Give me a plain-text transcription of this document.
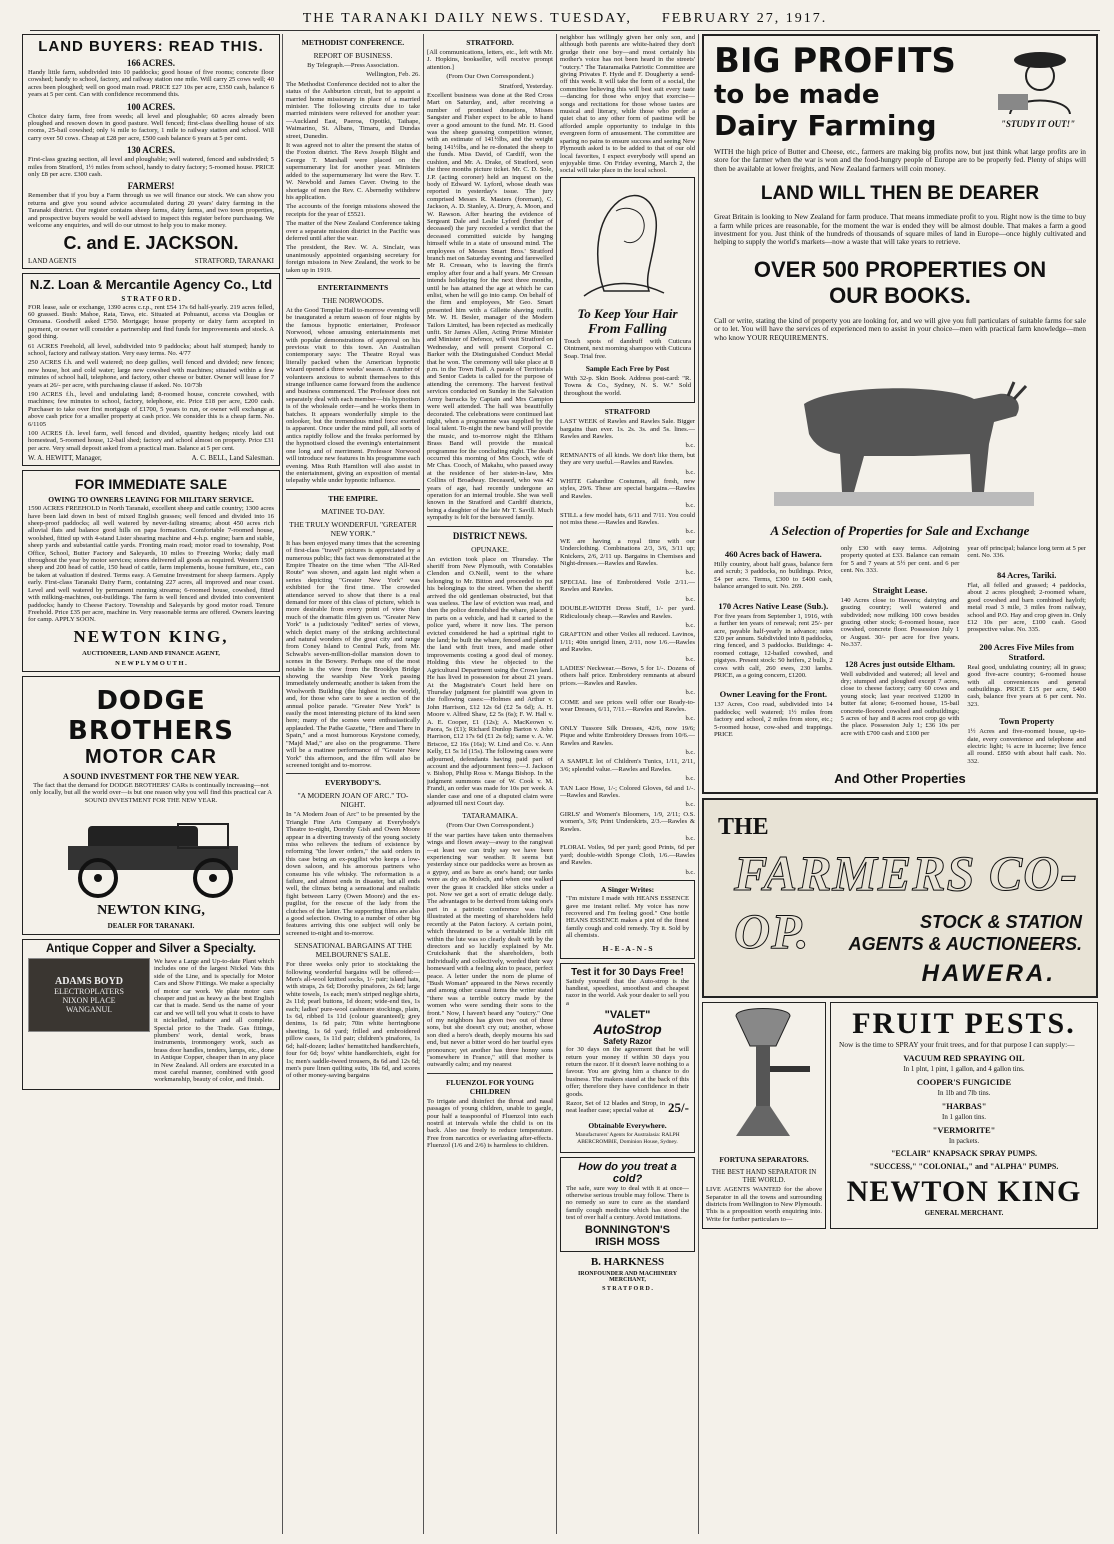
THE TARANAKI DAILY NEWS. TUESDAY, FEBRUARY 27, 1917.
LAND BUYERS: READ THIS.
166 ACRES.

Handy little farm, subdivided into 10 paddocks; good house of five rooms; concrete floor cowshed; handy to school, factory, and railway station one mile. Will carry 25 cows well; 40 acres been ploughed; well on good main road. PRICE £27 10s per acre, £350 cash, balance 6 years at 5 per cent. Can with confidence recommend this.

100 ACRES.

Choice dairy farm, free from weeds; all level and ploughable; 60 acres already been ploughed and resown down in good pasture. Well fenced; first-class dwelling house of six rooms, 25-bail cowshed; only ¼ mile to factory, 1 mile to railway station and school. Will carry over 50 cows. Cheap at £28 per acre, £500 cash balance 6 years at 5 per cent.

130 ACRES.

First-class grazing section, all level and ploughable; well watered, fenced and subdivided; 5 miles from Stratford, 1½ miles from school, handy to dairy factory; 5-roomed house. PRICE only £8 per acre. £300 cash.

FARMERS!

Remember that if you buy a Farm through us we will finance our stock. We can show you returns and give you sound advice accumulated during 20 years' dairy farming in the Taranaki district. Our register contains sheep farms, dairy farms, and two town properties, and prospective buyers would be well advised to inspect this register before purchasing. We welcome any enquiries, and will do our utmost to help you to make money.

C. and E. JACKSON.
LAND AGENTS	STRATFORD, TARANAKI
N.Z. Loan & Mercantile Agency Co., Ltd
S T R A T F O R D .

FOR lease, sale or exchange, 1390 acres c.r.p., rent £54 17s 6d half-yearly. 219 acres felled, 60 grassed. Bush: Mahoe, Rata, Tawa, etc. Situated at Pohuanui, access via Douglas or Omoana. Goodwill asked £750. Mortgage; house property or dairy farm accepted in payment, or owner will consider a partnership and find funds for improvements and stock. A good thing.

61 ACRES Freehold, all level, subdivided into 9 paddocks; about half stumped; handy to school, factory and railway station. Very easy terms. No. 4/77

250 ACRES f.h. and well watered; no deep gullies, well fenced and divided; new fences; new house, hot and cold water; large new cowshed with machines; situated within a few minutes of school hall, telephone, and factory, other cheese or butter. Owner will lease for 7 years at 26/- per acre, with purchasing clause if asked. No. 10/73b

190 ACRES f.h., level and undulating land; 8-roomed house, concrete cowshed, with machines; few minutes to school, factory, telephone, etc. Price £18 per acre, £200 cash. Purchaser to take over first mortgage of £1700, 5 years to run, or owner will exchange at above cash price for a smaller property at cash price. We consider this is a cheap farm. No. 6/1105

100 ACRES f.h. level farm, well fenced and divided, quantity hedges; nicely laid out homestead, 5-roomed house, 12-bail shed; factory and school almost on property. Price £31 per acre. Very small deposit asked from a practical man. Balance at 5 per cent.

W. A. HEWITT, Manager,	A. C. BELL, Land Salesman.
FOR IMMEDIATE SALE
OWING TO OWNERS LEAVING FOR MILITARY SERVICE.

1590 ACRES FREEHOLD in North Taranaki, excellent sheep and cattle country; 1300 acres have been laid down in best of mixed English grasses; well fenced and divided into 16 sheep-proof paddocks; all well watered by never-failing streams; about 450 acres rich alluvial flats and balance good hills on papa formation. Comfortable 7-roomed house, woolshed, fitted up with 4-stand Lister shearing machine and 4-h.p. engine; barn and stable, sheep yards and substantial cattle yards. Fronting main road; motor road to township, Post Office, School, Butter Factory and Saleyards, 10 miles to Freezing Works; daily mail throughout the year by motor services; stores delivered all goods as required. Western 1500 sheep and 200 head of cattle, 150 head of cattle, farm implements, house furniture, etc., can be taken at valuation if desired. Terms easy. A Genuine Investment for sheep farmers. Apply early. First-class Taranaki Dairy Farm, containing 227 acres, all improved and near coast. Level and well watered by permanent running streams; 6-roomed house, cowshed, fitted with milking-machines, out-buildings. The farm is well fenced and divided into convenient paddocks; handy to Cheese Factory. Township and Saleyards by good motor road. Tenure Freehold. Price £35 per acre, machine in. Very reasonable terms are offered. Owners leaving for camp. APPLY SOON.

NEWTON KING,
AUCTIONEER, LAND AND FINANCE AGENT,
N E W P L Y M O U T H .
DODGE BROTHERS
MOTOR CAR
A SOUND INVESTMENT FOR THE NEW YEAR.

The fact that the demand for DODGE BROTHERS' CARs is continually increasing—not only locally, but all the world over—is but one reason why you will find this practical car A SOUND INVESTMENT FOR THE NEW YEAR.

NEWTON KING,
DEALER FOR TARANAKI.
Antique Copper and Silver a Specialty.
ADAMS BOYD
ELECTROPLATERS
NIXON PLACE
WANGANUI.

We have a Large and Up-to-date Plant which includes one of the largest Nickel Vats this side of the Line, and is specially for Motor Cars and Show Fittings. We make a specialty of motor car work. We plate motor cars cheaper and just as heavy as the best English car that is made. Send us the name of your car and we will tell you what it costs to have it nickelled, radiator and all complete. Special price to the Trade. Gas fittings, plumbers' work, dental work, brass instruments, ironmongery work, such as brass door handles, tenders, lamps, etc., done in Antique Copper, cheaper than in any place in New Zealand. All orders are executed in a most careful manner, combined with good workmanship, beauty of color, and finish.

METHODIST CONFERENCE.
REPORT OF BUSINESS.

By Telegraph.—Press Association.

Wellington, Feb. 26.

The Methodist Conference decided not to alter the status of the Ashburton circuit, but to appoint a married home missionary in place of a married minister. The following circuits due to take married ministers were relieved for another year:—Auckland East, Paeroa, Opotiki, Taihape, Waimarino, St. Albans, Timaru, and Dundas street, Dunedin.

It was agreed not to alter the present the status of the Foxton district. The Revs Joseph Blight and George T. Marshall were placed on the supernumerary list for another year. Ministers added to the supernumerary list were the Rev. T. W. Newbold and James Caver. Owing to the shortage of men the Rev. C. Abernethy withdrew his application.

The accounts of the foreign missions showed the receipts for the year of £5521.

The matter of the New Zealand Conference taking over a separate mission district in the Pacific was deferred until after the war.

The president, the Rev. W. A. Sinclair, was unanimously appointed organising secretary for foreign missions in New Zealand, the work to be taken up in 1919.

ENTERTAINMENTS
THE NORWOODS.

At the Good Templar Hall to-morrow evening will be inaugurated a return season of four nights by the famous hypnotic entertainer, Professor Norwood, whose amusing entertainments met with popular demonstrations of approval on his previous visit to this town. An Australian contemporary says: The Theatre Royal was literally packed when the American hypnotic wizard opened a three weeks' season. A number of volunteers anxious to submit themselves to this strange influence came forward from the audience and business commenced. The Professor does not separately deal with each member—his hypnotism is of the wholesale order—and he works them in batches. It appears wonderfully simple to the onlooker, but the tremendous mind force exerted is apparent. Once under the mind pull, all sorts of antics rapidly follow and the freaks performed by the hypnotised closed the evening's entertainment one long and of merriment. Professor Norwood will introduce new features in his programme each evening. Miss Ruth Hamilton will also assist in the entertainment, giving an exposition of mental telepathy while under hypnotic influence.

THE EMPIRE.
MATINEE TO-DAY.
THE TRULY WONDERFUL "GREATER NEW YORK."

It has been enjoyed many times that the screening of first-class "travel" pictures is appreciated by a numerous public; this fact was demonstrated at the Empire Theatre on the time when "The All-Red Route" was shown, and again last night when a series depicting "Greater New York" was exhibited for the first time. The crowded attendance served to show that there is a real demand for more of this class of picture, which is more desirable from every point of view than much of the dramatic film given us. "Greater New York" is a judiciously "edited" series of views, which depict many of the striking architectural and natural wonders of the great city and range from Coney Island to Central Park, from Mr. Schwab's seven-million-dollar mansion down to scenes in the Bowery. Perhaps one of the most notable is the view from the Brooklyn Bridge showing the warship New York passing immediately underneath; another is taken from the Woolworth Building (the highest in the world), and, for those who care to see a section of the annual police parade. "Greater New York" is easily the most interesting picture of its kind seen here; many of the scenes were enthusiastically applauded. The Pathe Gazette, "Here and There in Spain," and a most humorous Keystone comedy, "Majd Mad," are also on the programme. There will be a matinee performance of "Greater New York" this afternoon, and the film will also be screened tonight and to-morrow.

EVERYBODY'S.
"A MODERN JOAN OF ARC." TO-NIGHT.

In "A Modern Joan of Arc" to be presented by the Triangle Fine Arts Company at Everybody's Theatre to-night, Dorothy Gish and Owen Moore appear in a diverting travesty of the young society miss who relieves the tedium of existence by reforming "the lower orders," the said orders in this case being an ex-pugilist who keeps a low-down saloon, and his amorous partners who consume his vile whisky. The reformation is a failure, and almost ends in disaster, but all ends well, the climax being a sensational and realistic fight between Larry (Owen Moore) and the ex-pugilist, for the rescue of the lady from the clutches of the latter. The supporting films are also a good selection. Owing to a number of other big features arriving this one subject will only be screened to-night and to-morrow.

SENSATIONAL BARGAINS AT THE MELBOURNE'S SALE.

For three weeks only prior to stocktaking the following wonderful bargains will be offered:—Men's all-wool knitted socks, 1/- pair; island hats, with straps, 2s 6d; Dorothy pinafores, 2s 6d; large white towels, 1s each; men's striped neglige shirts, 2s 11d; pearl buttons, 1d dozen; wide-end ties, 1s each; ladies' pure-wool cashmere stockings, plain, 1s 6d, ribbed 1s 11d (colour guaranteed); grey denims, 1s 6d pair; 70in white herringbone sheeting, 1s 6d yard; frilled and embroidered pillow cases, 1s 11d pair; children's pinafores, 1s 6d; half-dozen; ladies' hemstitched handkerchiefs, four for 6d; boys' white handkerchiefs, eight for 1s; men's saddle-tweed trousers, 8s 6d and 12s 6d; men's pure linen quilting suits, 18s 6d, and scores of other money-saving bargains

STRATFORD.

[All communications, letters, etc., left with Mr. J. Hopkins, bookseller, will receive prompt attention.]

(From Our Own Correspondent.)

Stratford, Yesterday.

Excellent business was done at the Red Cross Mart on Saturday, and, after receiving a number of promised donations, Misses Sangster and Fisher expect to be able to hand over a good amount to the fund. Mr. H. Good was the sheep guessing competition winner, with an estimate of 141½lbs, and the weight being 141½lbs, and he re-donated the sheep to the funds. Miss David, of Cardiff, won the cushion, and Mr. A. Drake, of Stratford, won the three months picture ticket. Mr. C. D. Sole, J.P. (acting coroner) held an inquest on the body of Edward W. Lyford, whose death was reported in yesterday's issue. The jury comprised Messrs R. Masters (foreman), C. Jackson, A. D. Stanley, A. Drury, A. Moon, and W. Rawson. After hearing the evidence of Sergeant Dale and Leslie Lyford (brother of deceased) the jury recorded a verdict that the deceased committed suicide by hanging himself while in a state of unsound mind. The employees of Messrs Smart Bros.' Stratford branch met on Saturday evening and farewelled Mr R. Cressan, who is leaving the firm's employ after four and a half years. Mr Cressan intends holidaying for the next three months, until he has attained the age at which he can enlist, when he will go into camp. On behalf of the firm and employees, Mr Geo. Smart presented him with a Gillette shaving outfit. Mr. W. H. Besler, manager of the Modern Tailors Limited, has been rejected as medically unfit. Sir James Allen, Acting Prime Minister and Minister of Defence, will visit Stratford on Wednesday, and will present Corporal C. Barker with the Distinguished Conduct Medal that he won. The ceremony will take place at 8 p.m. in the Town Hall. A parade of Territorials and Senior Cadets is called for the purpose of attending the ceremony. The harvest festival services conducted on Sunday in the Salvation Army barracks by Captain and Mrs Campion were well attended. The hall was beautifully decorated. The celebrations were continued last night, when a programme was supplied by the local talent. To-night the new band will provide the music, and to-morrow night the Eltham Brass Band will provide the musical programme for the concluding night. The death occurred this morning of Mrs Cooch, wife of Mr Chas. Cooch, of Makahu, who passed away at the residence of her sister-in-law, Mrs Collins of Broadway. Deceased, who was 42 years of age, had recently undergone an operation for an internal trouble. She was well known in the Stratford and Cardiff districts, being a daughter of the late Mr T. Savill. Much sympathy is felt for the bereaved family.

DISTRICT NEWS.
OPUNAKE.

An eviction took place on Thursday. The sheriff from New Plymouth, with Constables Clendon and O.Neill, went to the whare belonging to Mr. Bitton and proceeded to put his belongings to the street. When the sheriff arrived the old gentleman obstructed, but that was useless. The law of eviction was read, and then the police demolished the whare, placed it in parts on a vehicle, and had it carted to the police yard, where it now lies. The person evicted considered he had a spiritual right to the land; he built the whare, fenced and planted the land with fruit trees, and made other improvements costing a good deal of money. Holding this view he objected to the Agricultural Department using the Crown land. He has lived in possession for about 21 years. At the Magistrate's Court held here on Thursday judgment for plaintiff was given in the following cases:—Holmes and Arthur v. John Harrison, £12 12s 6d (£2 5s 6d); A. H. Moore v. Alfred Shaw, £2 5s (6s); F. W. Hall v. A. E. Cooper, £1 (12s); A. MacKeown v. Paora, 5s (£1); Richard Dunlop Barton v. John Harrison, £12 17s 6d (£1 2s 6d); same v. A. W. Briscoe, £2 16s (16s); W. Lind and Co. v. Ann Kelly, £1 5s 1d (15s). The following cases were adjourned, defendants having paid part of account and the adjournment fees:—J. Jackson v. Bishop, Philip Ross v. Manga Bishop. In the judgment summons case of W. Cook v. M. Frandi, an order was made for 10s per week. A slander case and one of a disputed claim were adjourned till next Court day.

TATARAMAIKA.

(From Our Own Correspondent.)

If the war parties have taken unto themselves wings and flown away—away to the rangiwai—at least we can truly say we have been experiencing war weather. It seems but yesterday since our paddocks were as brown as a gypsy, and as bare as one's hand; our tanks were as dry as Moloch, and when one walked over the grass it crackled like sticks under a pot. Now we get a sort of erratic deluge daily. The advantages to be derived from taking one's part in a patriotic conference was fully illustrated at the meeting of shareholders held recently at the Paton factory. A certain point, which threatened to be a veritable little rift within the lute was so clearly dealt with by the directors and so lucidly explained by Mr. Cruickshank that the shareholders, both individually and collectively, worded their way homeward with a feeling akin to peace, perfect peace. A letter under the nom de plume of "Bush Woman" appeared in the News recently and among other causal items the writer stated "there was a terrible outcry made by the women who were sending their sons to the front." Now, I haven't heard any "outcry." One of my neighbors has given two out of three sons, but she doesn't cry out; another, whose son died a hero's death, deeply mourns his sad end, but never a bitter word do her tearful eyes pronounce; yet another has three honny sons "somewhere in France," still that mother is outwardly calm; and my nearest

FLUENZOL FOR YOUNG CHILDREN

To irrigate and disinfect the throat and nasal passages of young children, unable to gargle, pour half a teaspoonful of Fluenzol into each nostril at intervals while the child is on its back. Also use freely to reduce temperature. Free from narcotics or everlasting after-effects. Fluenzol (1/6 and 2/6) is harmless to children.

neighbor has willingly given her only son, and although both parents are white-haired they don't grudge their one boy—and most certainly his mother's voice has not been heard in the streets' "outcry." The Tataramaika Patriotic Committee are giving Privates F. Hyde and F. Dougherty a send-off this week. It will take the form of a social, the committee believing this will best suit every taste—dancing for those who enjoy that exercise—songs and recitations for those whose tastes are musical and literary, while those who prefer a quiet chat to any other form of pastime will be afforded ample opportunity to indulge in this evergreen form of amusement. The committee are sparing no pains to ensure success and seeing New Plymouth asked is to be added to that of our old local favorites, I expect everybody will spend an enjoyable time. On Friday evening, March 2, the social will take place in the local school.

To Keep Your Hair
From Falling

Touch spots of dandruff with Cuticura Ointment, next morning shampoo with Cuticura Soap. Trial free.

Sample Each Free by Post

With 32-p. Skin Book. Address post-card: "R. Towns & Co., Sydney, N. S. W." Sold throughout the world.

STRATFORD

LAST WEEK of Rawles and Rawles Sale. Bigger bargains than ever. 1s. 2s. 3s. and 5s. lines.—Rawles and Rawles.

b.c.

REMNANTS of all kinds. We don't like them, but they are very useful.—Rawles and Rawles.

b.c.

WHITE Gabardine Costumes, all fresh, new styles, 29/6. These are special bargains.—Rawles and Rawles.

b.c.

STILL a few model hats, 6/11 and 7/11. You could not miss these.—Rawles and Rawles.

b.c.

WE are having a royal time with our Underclothing. Combinations 2/3, 3/6, 3/11 up; Knickers, 2/6, 2/11 up. Bargains in Chemises and Night-dresses.—Rawles and Rawles.

b.c.

SPECIAL line of Embroidered Voile 2/11.—Rawles and Rawles.

b.c.

DOUBLE-WIDTH Dress Stuff, 1/- per yard. Ridiculously cheap.—Rawles and Rawles.

b.c.

GRAFTON and other Voiles all reduced. Lavinos, 1/11; 40in unrigid linen, 2/11, now 1/6.—Rawles and Rawles.

b.c.

LADIES' Neckwear.—Bows, 5 for 1/-. Dozens of others half price. Embroidery remnants at absurd prices.—Rawles and Rawles.

b.c.

COME and see prices well offer our Ready-to-wear Dresses, 6/11, 7/11.—Rawles and Rawles.

b.c.

ONLY Tussore Silk Dresses, 42/6, now 19/6; Pique and white Embroidery Dresses from 10/6.—Rawles and Rawles.

b.c.

A SAMPLE lot of Children's Tunics, 1/11, 2/11, 3/6; splendid value.—Rawles and Rawles.

b.c.

TAN Lace Hose, 1/-; Colored Gloves, 6d and 1/-.—Rawles and Rawles.

b.c.

GIRLS' and Women's Bloomers, 1/9, 2/11; O.S. women's, 3/6; Print Underskirts, 2/3.—Rawles & Rawles.

b.c.

FLORAL Voiles, 9d per yard; good Prints, 6d per yard; double-width Sponge Cloth, 1/6.—Rawles and Rawles.

b.c.

A Singer Writes:

"I'm mixture I made with HEANS ESSENCE gave me instant relief. My voice has now recovered and I'm feeling good." One bottle HEANS ESSENCE makes a pint of the finest family cough and cold remedy. Try it. Sold by all chemists.

H - E - A - N - S
Test it for 30 Days Free!

Satisfy yourself that the Auto-strop is the handiest, speediest, smoothest and cheapest razor in the world. Ask your dealer to sell you a

"VALET"
AutoStrop
Safety Razor

for 30 days on the agreement that he will return your money if within 30 days you return the razor. If it doesn't leave nothing to a favour. You are giving him a chance to do business. The makers stand at the back of this offer; therefore they have confidence in their goods.

Razor, Set of 12 blades and Strop, in neat leather case; special value at	25/-
Obtainable Everywhere.

Manufacturers' Agents for Australasia: RALPH ABERCROMBIE, Dominion House, Sydney.

How do you treat a cold?

The safe, sure way to deal with it at once—otherwise serious trouble may follow. There is no remedy so sure to cure as the standard family cough medicine which has stood the test of over half a century. Avoid imitations.

BONNINGTON'S
IRISH MOSS
B. HARKNESS
IRONFOUNDER AND MACHINERY MERCHANT,
S T R A T F O R D .
BIG PROFITS
to be made
Dairy Farming	"STUDY IT OUT!"

WITH the high price of Butter and Cheese, etc., farmers are making big profits now, but just think what large profits are in store for the farmer when the war is won and the food-hungry people of Europe are to be properly fed. Plenty of ships will then be available at lower freights, and New Zealand farmers will coin money.

LAND WILL THEN BE DEARER

Great Britain is looking to New Zealand for farm produce. That means immediate profit to you. Right now is the time to buy a farm while prices are reasonable, for the moment the war is ended they will be almost double. That makes a farm a good investment for you. Just think of the hundreds of thousands of square miles of land in Europe—once highly cultivated and helping to supply the world's markets—now a waste that will take years to retrieve.

OVER 500 PROPERTIES ON
OUR BOOKS.

Call or write, stating the kind of property you are looking for, and we will give you full particulars of suitable farms for sale or to let. You will have the services of experienced men to assist in your choice—men with practical farm knowledge—men who know YOUR REQUIREMENTS.

A Selection of Properties for Sale and Exchange
460 Acres back of Hawera.

Hilly country, about half grass, balance fern and scrub; 3 paddocks, no buildings. Price, £4 per acre. Terms, £300 to £400 cash, balance arranged to suit. No. 269.

170 Acres Native Lease (Sub.).

For five years from September 1, 1916, with a further ten years of renewal; rent 25/- per acre, payable half-yearly in advance; rates £20 per annum. Subdivided into 8 paddocks, ring fenced, and 3 paddocks. Buildings: 4-roomed cottage, 12-bailed cowshed, and pigstyes. Present stock: 50 heifers, 2 bulls, 2 cows with calf, 260 ewes, 230 lambs. PRICE, as a going concern, £1200.

Owner Leaving for the Front.

137 Acres, Coo road, subdivided into 14 paddocks; well watered; 1½ miles from factory and school, 2 miles from store, etc.; 5-roomed house, cow-shed and trappings. PRICE

only £30 with easy terms. Adjoining property quoted at £33. Balance can remain for 5 and 7 years at 5½ per cent. and 6 per cent. No. 333.

Straight Lease.

140 Acres close to Hawera; dairying and grazing country; well watered and subdivided; now milking 100 cows besides grazing other stock; 6-roomed house, race cowshed, concrete floor. Possession July 1 or August. 30/- per acre for five years. No.337.

128 Acres just outside Eltham.

Well subdivided and watered; all level and dry; stumped and ploughed except 7 acres, close to cheese factory; carry 60 cows and young stock; last year received £1200 in butter fat alone; 6-roomed house, 15-bail concrete-floored cowshed and outbuildings; 5 acres of hay and 8 acres root crop go with the place. Possession July 1; £36 10s per acre with £700 cash and £100 per

year off principal; balance long term at 5 per cent. No. 336.

84 Acres, Tariki.

Flat, all felled and grassed; 4 paddocks, about 2 acres ploughed; 2-roomed whare, good cowshed and barn combined hayloft; metal road 3 mile, 3 miles from railway, school and P.O. Hay and crop given in. Only £12 10s per acre, £100 cash. Good prospective value. No. 335.

200 Acres Five Miles from Stratford.

Real good, undulating country; all in grass; good five-acre country; 6-roomed house with all conveniences and general outbuildings. PRICE £15 per acre, £400 cash, balance five years at 6 per cent. No. 323.

Town Property

1½ Acres and five-roomed house, up-to-date, every convenience and telephone and electric light; ¼ acre in lucerne; live fence all round. £850 with about half cash. No. 332.

And Other Properties
THE
FARMERS CO-OP.	STOCK & STATION
AGENTS & AUCTIONEERS.
HAWERA.
FORTUNA SEPARATORS.
THE BEST HAND SEPARATOR IN THE WORLD.

LIVE AGENTS WANTED for the above Separator in all the towns and surrounding districts from Wellington to New Plymouth. This is a proposition worth enquiring into. Write for further particulars to—

FRUIT PESTS.

Now is the time to SPRAY your fruit trees, and for that purpose I can supply:—

VACUUM RED SPRAYING OIL
In 1 plnt, 1 pint, 1 gallon, and 4 gallon tins.
COOPER'S FUNGICIDE
In 1lb and 7lb tins.
"HARBAS"
In 1 gallon tins.
"VERMORITE"
In packets.
"ECLAIR" KNAPSACK SPRAY PUMPS.
"SUCCESS," "COLONIAL," and "ALPHA" PUMPS.
NEWTON KING
GENERAL MERCHANT.
